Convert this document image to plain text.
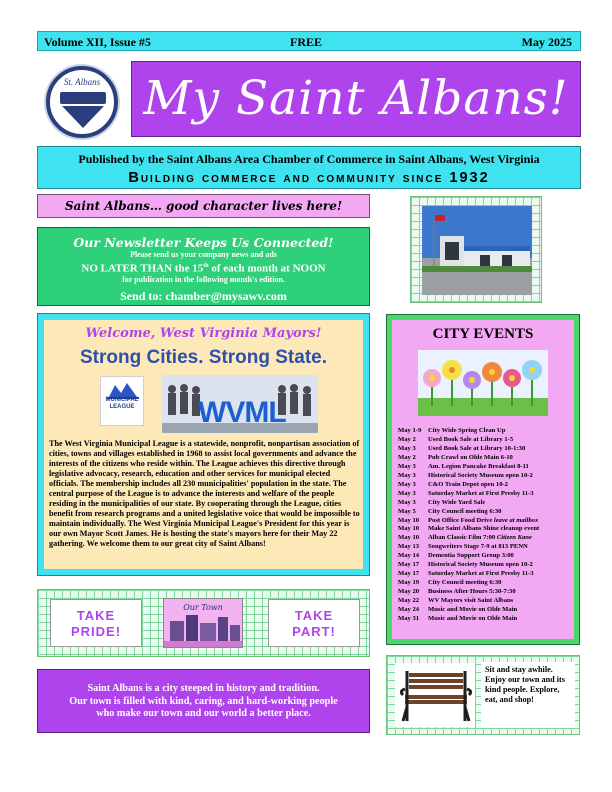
Volume XII, Issue #5	FREE	May 2025
St. Albans
est. 1932	My Saint Albans!
Published by the Saint Albans Area Chamber of Commerce in Saint Albans, West Virginia
Building commerce and community since 1932
Saint Albans… good character lives here!
Our Newsletter Keeps Us Connected!
Please send us your company news and ads
NO LATER THAN the 15th of each month at NOON
for publication in the following month's edition.
Send to: chamber@mysawv.com
Welcome, West Virginia Mayors!
Strong Cities. Strong State.
MUNICIPAL LEAGUE WVML
The West Virginia Municipal League is a statewide, nonprofit, nonpartisan association of cities, towns and villages established in 1968 to assist local governments and advance the interests of the citizens who reside within. The League achieves this directive through legislative advocacy, research, education and other services for municipal elected officials. The membership includes all 230 municipalities' population in the state. The central purpose of the League is to advance the interests and welfare of the people residing in the municipalities of our state. By cooperating through the League, cities benefit from research programs and a united legislative voice that would be impossible to maintain individually. The West Virginia Municipal League's President for this year is our own Mayor Scott James. He is hosting the state's mayors here for their May 22 gathering. We welcome them to our great city of Saint Albans!
CITY EVENTS
May 1-9 City Wide Spring Clean Up
May 2 Used Book Sale at Library 1-5
May 3 Used Book Sale at Library 10-1:30
May 2 Pub Crawl on Olde Main 6-10
May 3 Am. Legion Pancake Breakfast 8-11
May 3 Historical Society Museum open 10-2
May 3 C&O Train Depot open 10-2
May 3 Saturday Market at First Presby 11-3
May 3 City Wide Yard Sale
May 5 City Council meeting 6:30
May 10 Post Office Food Drive leave at mailbox
May 10 Make Saint Albans Shine cleanup event
May 10 Alban Classic Film 7:00 Citizen Kane
May 13 Songwriters Stage 7-9 at 813 PENN
May 14 Dementia Support Group 3:00
May 17 Historical Society Museum open 10-2
May 17 Saturday Market at First Presby 11-3
May 19 City Council meeting 6:30
May 20 Business After Hours 5:30-7:30
May 22 WV Mayors visit Saint Albans
May 24 Music and Movie on Olde Main
May 31 Music and Movie on Olde Main
TAKE
PRIDE!
Our Town
TAKE
PART!
Sit and stay awhile. Enjoy our town and its kind people. Explore, eat, and shop!
Saint Albans is a city steeped in history and tradition.
Our town is filled with kind, caring, and hard-working people
who make our town and our world a better place.
